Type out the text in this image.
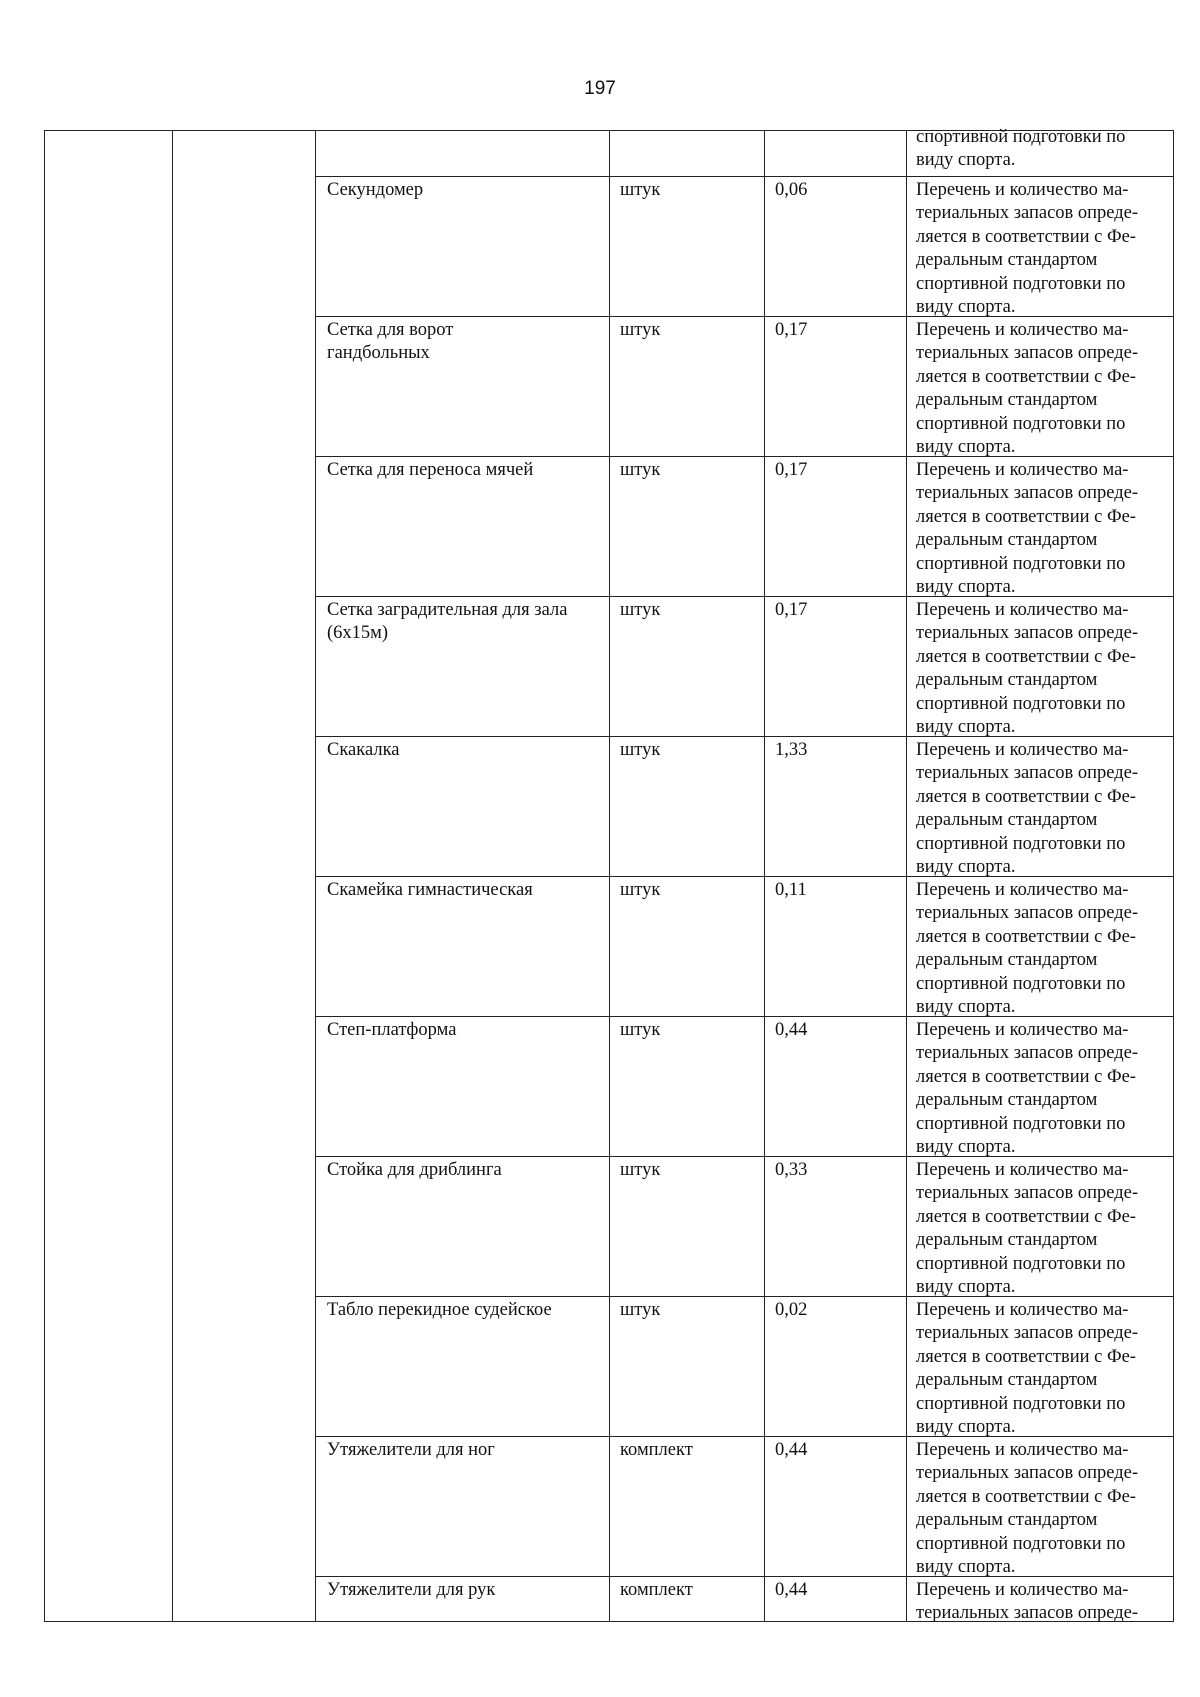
197
спортивной подготовки по
виду спорта.
Секундомер	штук	0,06	Перечень и количество ма-
териальных запасов опреде-
ляется в соответствии с Фе-
деральным стандартом
спортивной подготовки по
виду спорта.
Сетка для ворот
гандбольных
штук	0,17	Перечень и количество ма-
териальных запасов опреде-
ляется в соответствии с Фе-
деральным стандартом
спортивной подготовки по
виду спорта.
Сетка для переноса мячей	штук	0,17	Перечень и количество ма-
териальных запасов опреде-
ляется в соответствии с Фе-
деральным стандартом
спортивной подготовки по
виду спорта.
Сетка заградительная для зала
(6х15м)
штук	0,17	Перечень и количество ма-
териальных запасов опреде-
ляется в соответствии с Фе-
деральным стандартом
спортивной подготовки по
виду спорта.
Скакалка	штук	1,33	Перечень и количество ма-
териальных запасов опреде-
ляется в соответствии с Фе-
деральным стандартом
спортивной подготовки по
виду спорта.
Скамейка гимнастическая	штук	0,11	Перечень и количество ма-
териальных запасов опреде-
ляется в соответствии с Фе-
деральным стандартом
спортивной подготовки по
виду спорта.
Степ-платформа	штук	0,44	Перечень и количество ма-
териальных запасов опреде-
ляется в соответствии с Фе-
деральным стандартом
спортивной подготовки по
виду спорта.
Стойка для дриблинга	штук	0,33	Перечень и количество ма-
териальных запасов опреде-
ляется в соответствии с Фе-
деральным стандартом
спортивной подготовки по
виду спорта.
Табло перекидное судейское	штук	0,02	Перечень и количество ма-
териальных запасов опреде-
ляется в соответствии с Фе-
деральным стандартом
спортивной подготовки по
виду спорта.
Утяжелители для ног	комплект	0,44	Перечень и количество ма-
териальных запасов опреде-
ляется в соответствии с Фе-
деральным стандартом
спортивной подготовки по
виду спорта.
Утяжелители для рук	комплект	0,44	Перечень и количество ма-
териальных запасов опреде-
